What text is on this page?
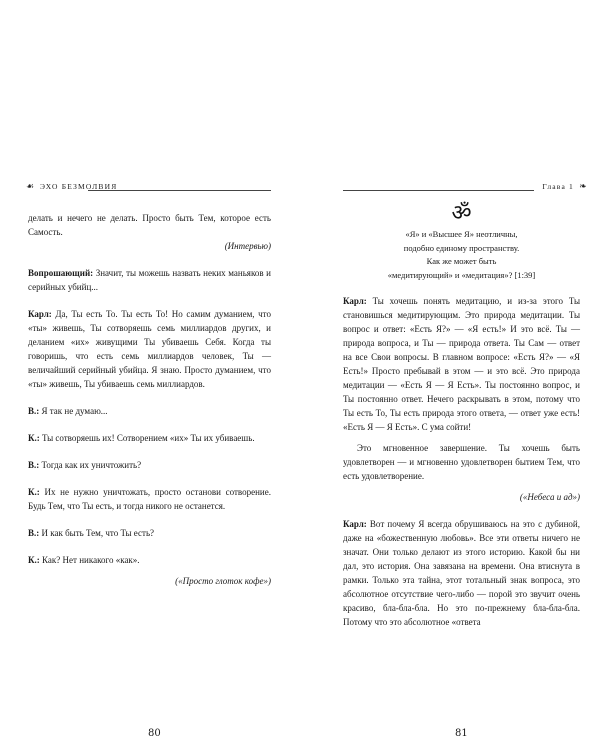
☙ ЭХО БЕЗМОЛВИЯ

делать и нечего не делать. Просто быть Тем, которое есть Самость.

(Интервью)

Вопрошающий: Значит, ты можешь назвать неких маньяков и серийных убийц...

Карл: Да, Ты есть То. Ты есть То! Но самим думанием, что «ты» живешь, Ты сотворяешь семь миллиардов других, и деланием «их» живущими Ты убиваешь Себя. Когда ты говоришь, что есть семь миллиардов человек, Ты — величайший серийный убийца. Я знаю. Просто думанием, что «ты» живешь, Ты убиваешь семь миллиардов.

В.: Я так не думаю...

К.: Ты сотворяешь их! Сотворением «их» Ты их убиваешь.

В.: Тогда как их уничтожить?

К.: Их не нужно уничтожать, просто останови сотворение. Будь Тем, что Ты есть, и тогда никого не останется.

В.: И как быть Тем, что Ты есть?

К.: Как? Нет никакого «как».

(«Просто глоток кофе»)

80
Глава 1 ❧
ॐ
«Я» и «Высшее Я» неотличны,
подобно единому пространству.
Как же может быть
«медитирующий» и «медитация»? [1:39]

Карл: Ты хочешь понять медитацию, и из-за этого Ты становишься медитирующим. Это природа медитации. Ты вопрос и ответ: «Есть Я?» — «Я есть!» И это всё. Ты — природа вопроса, и Ты — природа ответа. Ты Сам — ответ на все Свои вопросы. В главном вопросе: «Есть Я?» — «Я Есть!» Просто пребывай в этом — и это всё. Это природа медитации — «Есть Я — Я Есть». Ты постоянно вопрос, и Ты постоянно ответ. Нечего раскрывать в этом, потому что Ты есть То, Ты есть природа этого ответа, — ответ уже есть! «Есть Я — Я Есть». С ума сойти!

Это мгновенное завершение. Ты хочешь быть удовлетворен — и мгновенно удовлетворен бытием Тем, что есть удовлетворение.

(«Небеса и ад»)

Карл: Вот почему Я всегда обрушиваюсь на это с дубиной, даже на «божественную любовь». Все эти ответы ничего не значат. Они только делают из этого историю. Какой бы ни дал, это история. Она завязана на времени. Она втиснута в рамки. Только эта тайна, этот тотальный знак вопроса, это абсолютное отсутствие чего-либо — порой это звучит очень красиво, бла-бла-бла. Но это по-прежнему бла-бла-бла. Потому что это абсолютное «ответа

81
